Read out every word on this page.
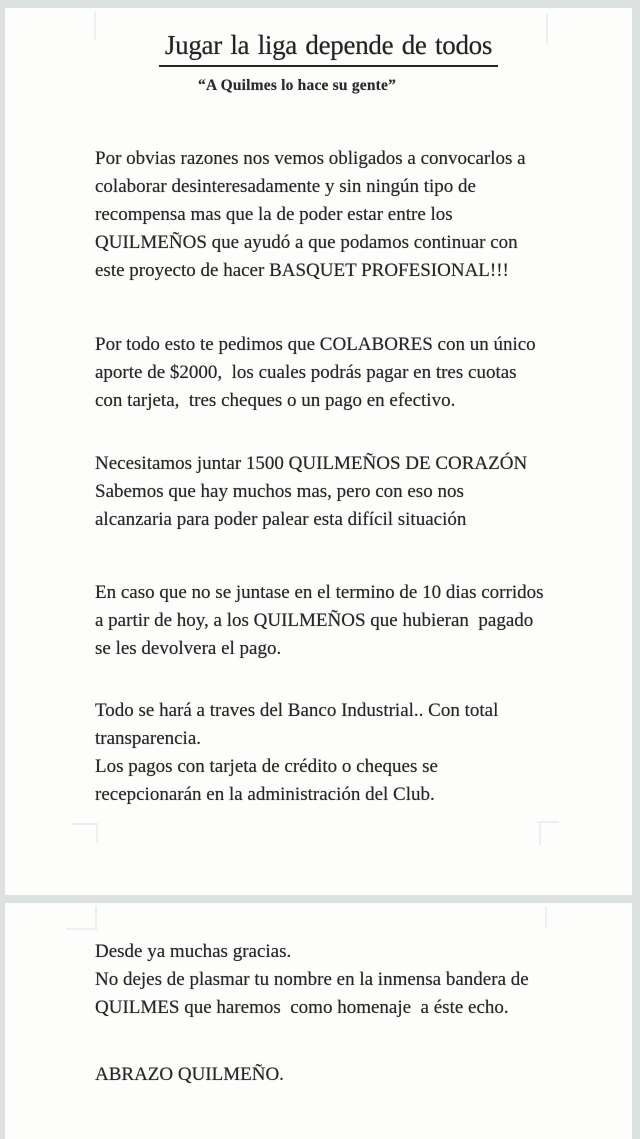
Jugar la liga depende de todos
“A Quilmes lo hace su gente”
Por obvias razones nos vemos obligados a convocarlos a
colaborar desinteresadamente y sin ningún tipo de
recompensa mas que la de poder estar entre los
QUILMEÑOS que ayudó a que podamos continuar con
este proyecto de hacer BASQUET PROFESIONAL!!!
Por todo esto te pedimos que COLABORES con un único
aporte de $2000,  los cuales podrás pagar en tres cuotas
con tarjeta,  tres cheques o un pago en efectivo.
Necesitamos juntar 1500 QUILMEÑOS DE CORAZÓN
Sabemos que hay muchos mas, pero con eso nos
alcanzaria para poder palear esta difícil situación
En caso que no se juntase en el termino de 10 dias corridos
a partir de hoy, a los QUILMEÑOS que hubieran  pagado
se les devolvera el pago.
Todo se hará a traves del Banco Industrial.. Con total
transparencia.
Los pagos con tarjeta de crédito o cheques se
recepcionarán en la administración del Club.
Desde ya muchas gracias.
No dejes de plasmar tu nombre en la inmensa bandera de
QUILMES que haremos  como homenaje  a éste echo.
ABRAZO QUILMEÑO.
